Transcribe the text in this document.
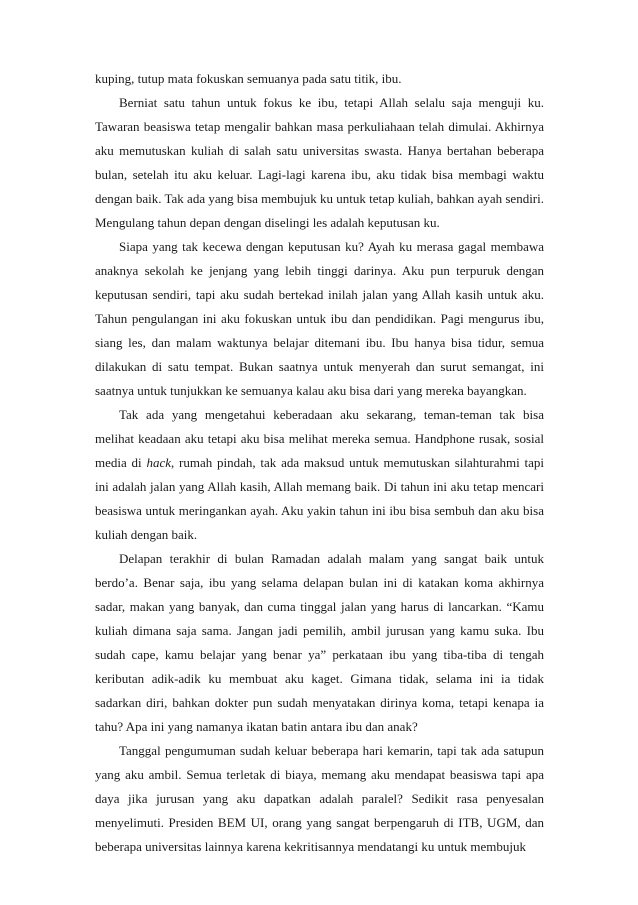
kuping, tutup mata fokuskan semuanya pada satu titik, ibu.

Berniat satu tahun untuk fokus ke ibu, tetapi Allah selalu saja menguji ku. Tawaran beasiswa tetap mengalir bahkan masa perkuliahaan telah dimulai. Akhirnya aku memutuskan kuliah di salah satu universitas swasta. Hanya bertahan beberapa bulan, setelah itu aku keluar. Lagi-lagi karena ibu, aku tidak bisa membagi waktu dengan baik. Tak ada yang bisa membujuk ku untuk tetap kuliah, bahkan ayah sendiri. Mengulang tahun depan dengan diselingi les adalah keputusan ku.

Siapa yang tak kecewa dengan keputusan ku? Ayah ku merasa gagal membawa anaknya sekolah ke jenjang yang lebih tinggi darinya. Aku pun terpuruk dengan keputusan sendiri, tapi aku sudah bertekad inilah jalan yang Allah kasih untuk aku. Tahun pengulangan ini aku fokuskan untuk ibu dan pendidikan. Pagi mengurus ibu, siang les, dan malam waktunya belajar ditemani ibu. Ibu hanya bisa tidur, semua dilakukan di satu tempat. Bukan saatnya untuk menyerah dan surut semangat, ini saatnya untuk tunjukkan ke semuanya kalau aku bisa dari yang mereka bayangkan.

Tak ada yang mengetahui keberadaan aku sekarang, teman-teman tak bisa melihat keadaan aku tetapi aku bisa melihat mereka semua. Handphone rusak, sosial media di hack, rumah pindah, tak ada maksud untuk memutuskan silahturahmi tapi ini adalah jalan yang Allah kasih, Allah memang baik. Di tahun ini aku tetap mencari beasiswa untuk meringankan ayah. Aku yakin tahun ini ibu bisa sembuh dan aku bisa kuliah dengan baik.

Delapan terakhir di bulan Ramadan adalah malam yang sangat baik untuk berdo’a. Benar saja, ibu yang selama delapan bulan ini di katakan koma akhirnya sadar, makan yang banyak, dan cuma tinggal jalan yang harus di lancarkan. “Kamu kuliah dimana saja sama. Jangan jadi pemilih, ambil jurusan yang kamu suka. Ibu sudah cape, kamu belajar yang benar ya” perkataan ibu yang tiba-tiba di tengah keributan adik-adik ku membuat aku kaget. Gimana tidak, selama ini ia tidak sadarkan diri, bahkan dokter pun sudah menyatakan dirinya koma, tetapi kenapa ia tahu? Apa ini yang namanya ikatan batin antara ibu dan anak?

Tanggal pengumuman sudah keluar beberapa hari kemarin, tapi tak ada satupun yang aku ambil. Semua terletak di biaya, memang aku mendapat beasiswa tapi apa daya jika jurusan yang aku dapatkan adalah paralel? Sedikit rasa penyesalan menyelimuti. Presiden BEM UI, orang yang sangat berpengaruh di ITB, UGM, dan beberapa universitas lainnya karena kekritisannya mendatangi ku untuk membujuk
